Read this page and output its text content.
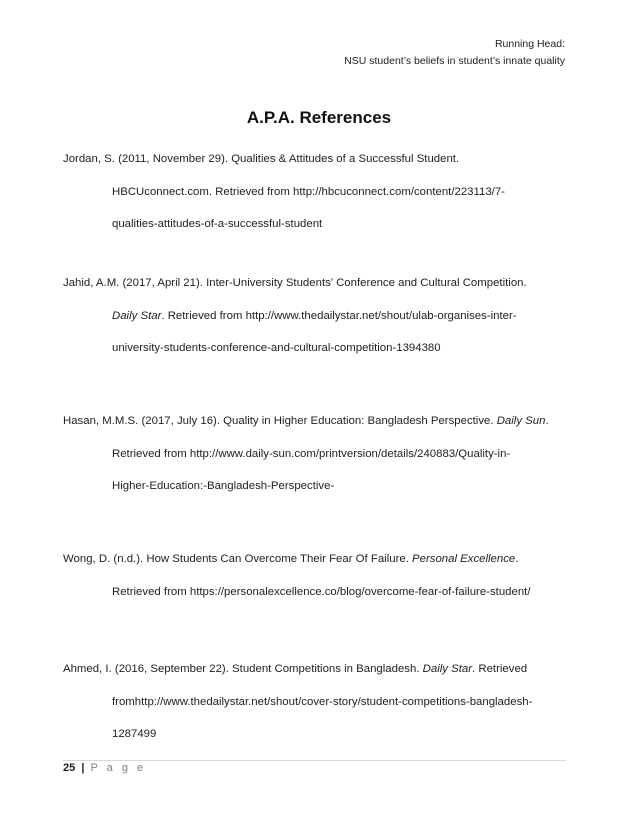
Running Head:
NSU student’s beliefs in student’s innate quality
A.P.A. References
Jordan, S. (2011, November 29). Qualities & Attitudes of a Successful Student.
HBCUconnect.com. Retrieved from http://hbcuconnect.com/content/223113/7-
qualities-attitudes-of-a-successful-student
Jahid, A.M. (2017, April 21). Inter-University Students’ Conference and Cultural Competition.
Daily Star. Retrieved from http://www.thedailystar.net/shout/ulab-organises-inter-
university-students-conference-and-cultural-competition-1394380
Hasan, M.M.S. (2017, July 16). Quality in Higher Education: Bangladesh Perspective. Daily Sun.
Retrieved from http://www.daily-sun.com/printversion/details/240883/Quality-in-
Higher-Education:-Bangladesh-Perspective-
Wong, D. (n.d.). How Students Can Overcome Their Fear Of Failure. Personal Excellence.
Retrieved from https://personalexcellence.co/blog/overcome-fear-of-failure-student/
Ahmed, I. (2016, September 22). Student Competitions in Bangladesh. Daily Star. Retrieved
fromhttp://www.thedailystar.net/shout/cover-story/student-competitions-bangladesh-
1287499
25 | P a g e
